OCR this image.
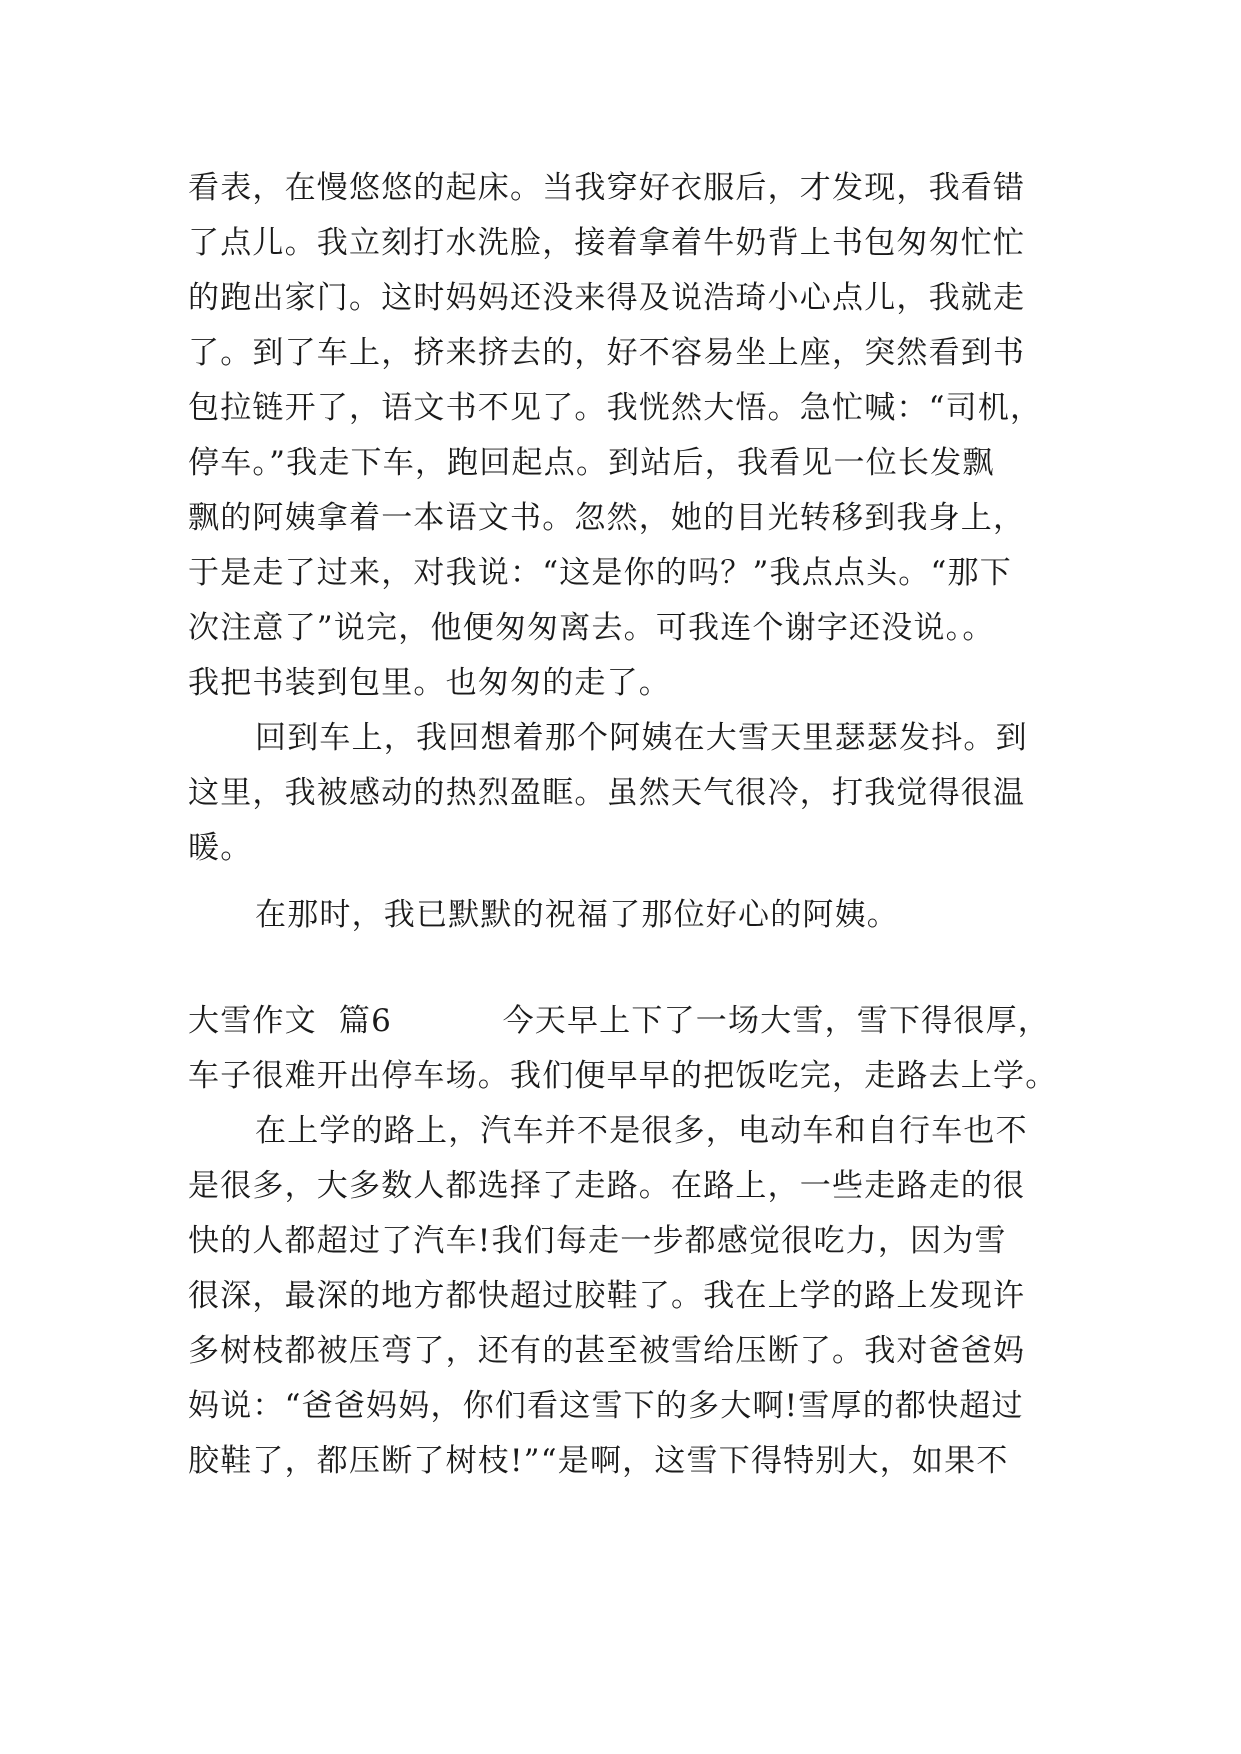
看表，在慢悠悠的起床。当我穿好衣服后，才发现，我看错
了点儿。我立刻打水洗脸，接着拿着牛奶背上书包匆匆忙忙
的跑出家门。这时妈妈还没来得及说浩琦小心点儿，我就走
了。到了车上，挤来挤去的，好不容易坐上座，突然看到书
包拉链开了，语文书不见了。我恍然大悟。急忙喊：“司机，
停车。”我走下车，跑回起点。到站后，我看见一位长发飘
飘的阿姨拿着一本语文书。忽然，她的目光转移到我身上，
于是走了过来，对我说：“这是你的吗？”我点点头。“那下
次注意了”说完，他便匆匆离去。可我连个谢字还没说。。
我把书装到包里。也匆匆的走了。
回到车上，我回想着那个阿姨在大雪天里瑟瑟发抖。到
这里，我被感动的热烈盈眶。虽然天气很冷，打我觉得很温
暖。
在那时，我已默默的祝福了那位好心的阿姨。
大雪作文  篇6          今天早上下了一场大雪，雪下得很厚，
车子很难开出停车场。我们便早早的把饭吃完，走路去上学。
在上学的路上，汽车并不是很多，电动车和自行车也不
是很多，大多数人都选择了走路。在路上，一些走路走的很
快的人都超过了汽车!我们每走一步都感觉很吃力，因为雪
很深，最深的地方都快超过胶鞋了。我在上学的路上发现许
多树枝都被压弯了，还有的甚至被雪给压断了。我对爸爸妈
妈说：“爸爸妈妈，你们看这雪下的多大啊!雪厚的都快超过
胶鞋了，都压断了树枝!”“是啊，这雪下得特别大，如果不
